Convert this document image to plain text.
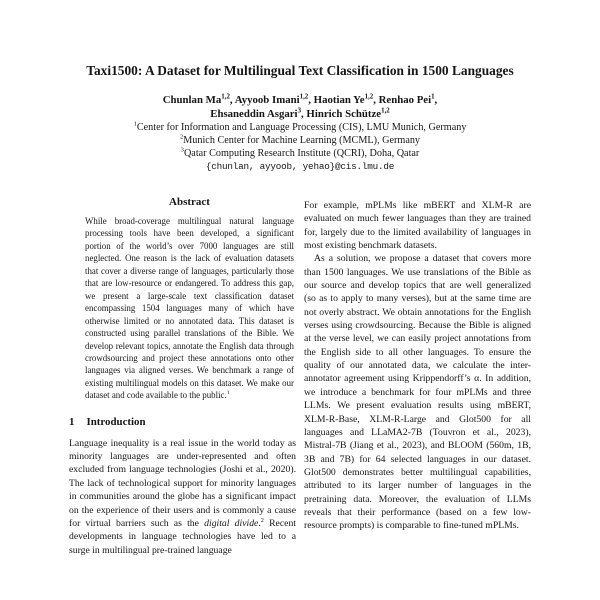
Taxi1500: A Dataset for Multilingual Text Classification in 1500 Languages
Chunlan Ma$^{1,2}$, Ayyoob Imani$^{1,2}$, Haotian Ye$^{1,2}$, Renhao Pei$^1$,
Ehsaneddin Asgari$^3$, Hinrich Schütze$^{1,2}$
$^1$Center for Information and Language Processing (CIS), LMU Munich, Germany
$^2$Munich Center for Machine Learning (MCML), Germany
$^3$Qatar Computing Research Institute (QCRI), Doha, Qatar
{chunlan, ayyoob, yehao}@cis.lmu.de
Abstract

While broad-coverage multilingual natural language processing tools have been developed, a significant portion of the world’s over 7000 languages are still neglected. One reason is the lack of evaluation datasets that cover a diverse range of languages, particularly those that are low-resource or endangered. To address this gap, we present a large-scale text classification dataset encompassing 1504 languages many of which have otherwise limited or no annotated data. This dataset is constructed using parallel translations of the Bible. We develop relevant topics, annotate the English data through crowdsourcing and project these annotations onto other languages via aligned verses. We benchmark a range of existing multilingual models on this dataset. We make our dataset and code available to the public.$^1$

1 Introduction

Language inequality is a real issue in the world today as minority languages are under-represented and often excluded from language technologies (Joshi et al., 2020). The lack of technological support for minority languages in communities around the globe has a significant impact on the experience of their users and is commonly a cause for virtual barriers such as the digital divide.$^2$ Recent developments in language technologies have led to a surge in multilingual pre-trained language

For example, mPLMs like mBERT and XLM-R are evaluated on much fewer languages than they are trained for, largely due to the limited availability of languages in most existing benchmark datasets.

As a solution, we propose a dataset that covers more than 1500 languages. We use translations of the Bible as our source and develop topics that are well generalized (so as to apply to many verses), but at the same time are not overly abstract. We obtain annotations for the English verses using crowdsourcing. Because the Bible is aligned at the verse level, we can easily project annotations from the English side to all other languages. To ensure the quality of our annotated data, we calculate the inter-annotator agreement using Krippendorff’s α. In addition, we introduce a benchmark for four mPLMs and three LLMs. We present evaluation results using mBERT, XLM-R-Base, XLM-R-Large and Glot500 for all languages and LLaMA2-7B (Touvron et al., 2023), Mistral-7B (Jiang et al., 2023), and BLOOM (560m, 1B, 3B and 7B) for 64 selected languages in our dataset. Glot500 demonstrates better multilingual capabilities, attributed to its larger number of languages in the pretraining data. Moreover, the evaluation of LLMs reveals that their performance (based on a few low-resource prompts) is comparable to fine-tuned mPLMs.
